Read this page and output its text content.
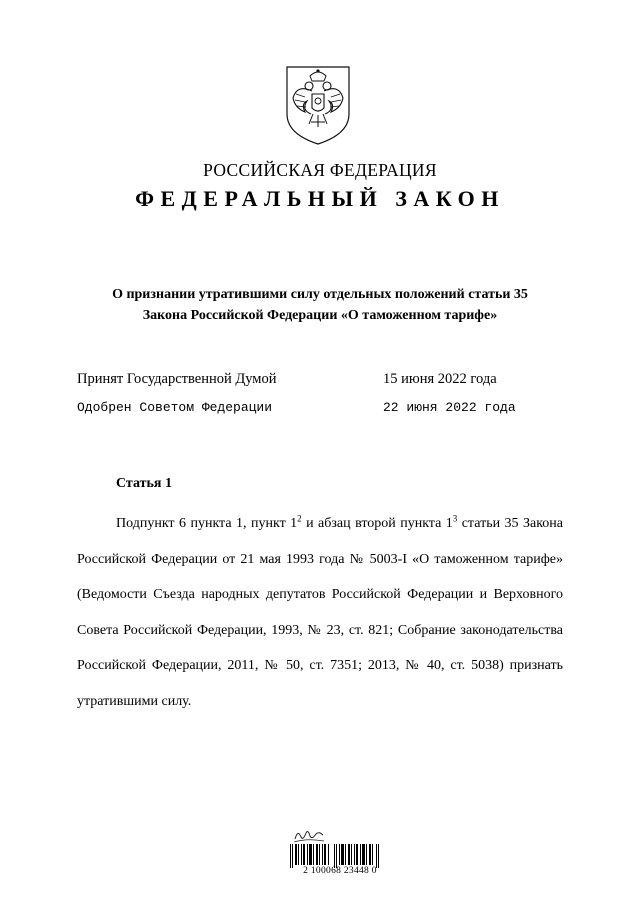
РОССИЙСКАЯ ФЕДЕРАЦИЯ
ФЕДЕРАЛЬНЫЙ ЗАКОН
О признании утратившими силу отдельных положений статьи 35
Закона Российской Федерации «О таможенном тарифе»
Принят Государственной Думой	15 июня 2022 года
Одобрен Советом Федерации	22 июня 2022 года
Статья 1

Подпункт 6 пункта 1, пункт $1^2$ и абзац второй пункта $1^3$ статьи 35 Закона Российской Федерации от 21 мая 1993 года № 5003-I «О таможенном тарифе» (Ведомости Съезда народных депутатов Российской Федерации и Верховного Совета Российской Федерации, 1993, № 23, ст. 821; Собрание законодательства Российской Федерации, 2011, № 50, ст. 7351; 2013, № 40, ст. 5038) признать утратившими силу.

2 100068 23448 0
